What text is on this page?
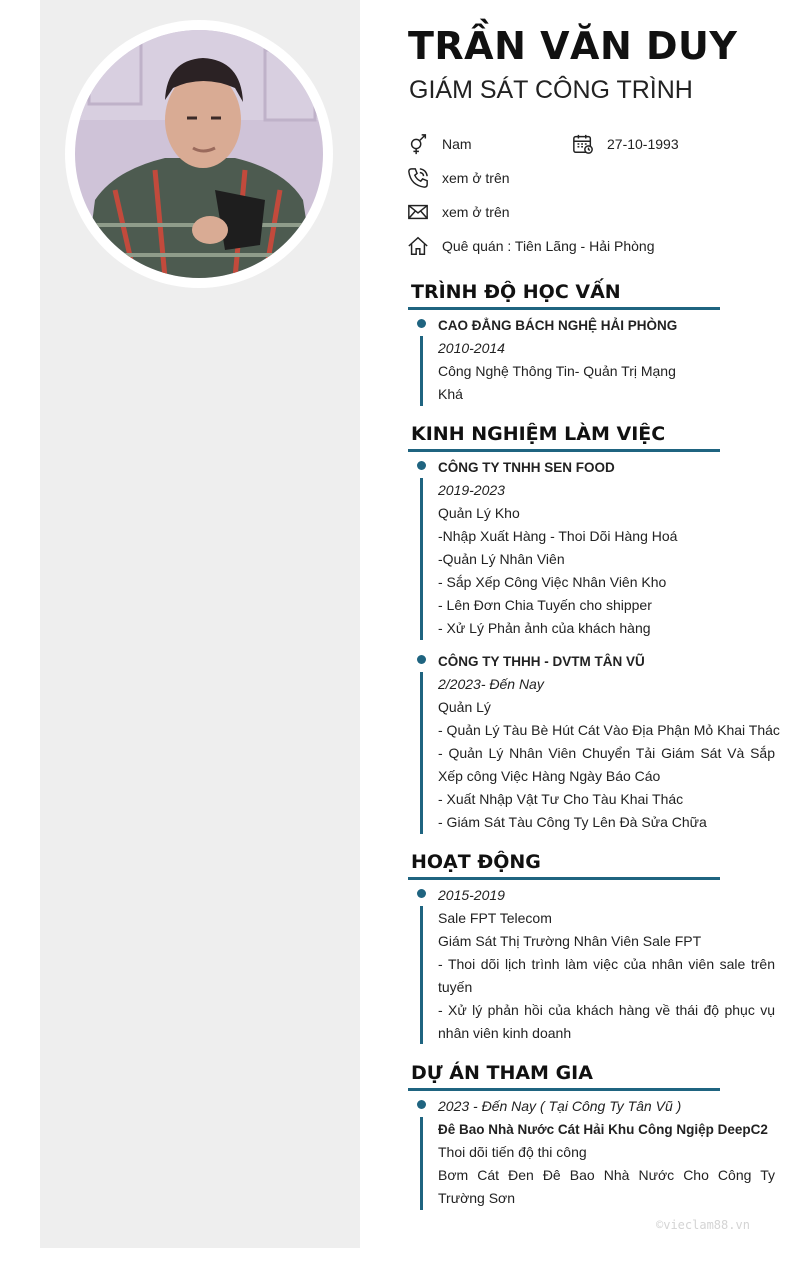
TRẦN VĂN DUY
GIÁM SÁT CÔNG TRÌNH
Nam	27-10-1993
xem ở trên
xem ở trên
Quê quán : Tiên Lãng - Hải Phòng
TRÌNH ĐỘ HỌC VẤN
CAO ĐẲNG BÁCH NGHỆ HẢI PHÒNG
2010-2014
Công Nghệ Thông Tin- Quản Trị Mạng
Khá
KINH NGHIỆM LÀM VIỆC
CÔNG TY TNHH SEN FOOD
2019-2023
Quản Lý Kho
-Nhập Xuất Hàng - Thoi Dõi Hàng Hoá
-Quản Lý Nhân Viên
- Sắp Xếp Công Việc Nhân Viên Kho
- Lên Đơn Chia Tuyến cho shipper
- Xử Lý Phản ảnh của khách hàng
CÔNG TY THHH - DVTM TÂN VŨ
2/2023- Đến Nay
Quản Lý
- Quản Lý Tàu Bè Hút Cát Vào Địa Phận Mỏ Khai Thác
- Quản Lý Nhân Viên Chuyển Tải Giám Sát Và Sắp Xếp công Việc Hàng Ngày Báo Cáo
- Xuất Nhập Vật Tư Cho Tàu Khai Thác
- Giám Sát Tàu Công Ty Lên Đà Sửa Chữa
HOẠT ĐỘNG
2015-2019
Sale FPT Telecom
Giám Sát Thị Trường Nhân Viên Sale FPT
- Thoi dõi lịch trình làm việc của nhân viên sale trên tuyến
- Xử lý phản hồi của khách hàng về thái độ phục vụ nhân viên kinh doanh
DỰ ÁN THAM GIA
2023 - Đến Nay ( Tại Công Ty Tân Vũ )
Đê Bao Nhà Nước Cát Hải Khu Công Ngiệp DeepC2
Thoi dõi tiến độ thi công
Bơm Cát Đen Đê Bao Nhà Nước Cho Công Ty Trường Sơn
©vieclam88.vn
